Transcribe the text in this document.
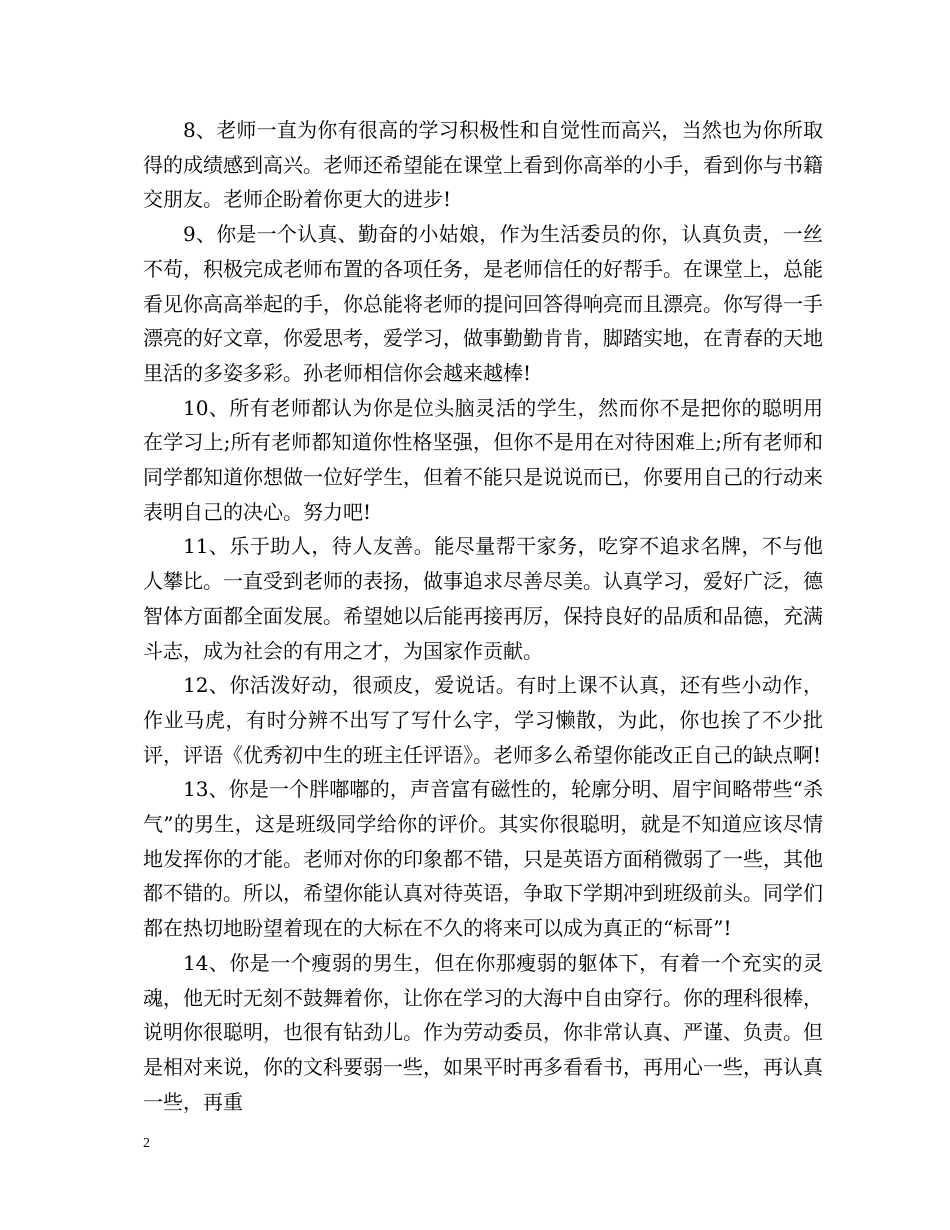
8、老师一直为你有很高的学习积极性和自觉性而高兴，当然也为你所取得的成绩感到高兴。老师还希望能在课堂上看到你高举的小手，看到你与书籍交朋友。老师企盼着你更大的进步!

9、你是一个认真、勤奋的小姑娘，作为生活委员的你，认真负责，一丝不苟，积极完成老师布置的各项任务，是老师信任的好帮手。在课堂上，总能看见你高高举起的手，你总能将老师的提问回答得响亮而且漂亮。你写得一手漂亮的好文章，你爱思考，爱学习，做事勤勤肯肯，脚踏实地，在青春的天地里活的多姿多彩。孙老师相信你会越来越棒!

10、所有老师都认为你是位头脑灵活的学生，然而你不是把你的聪明用在学习上;所有老师都知道你性格坚强，但你不是用在对待困难上;所有老师和同学都知道你想做一位好学生，但着不能只是说说而已，你要用自己的行动来表明自己的决心。努力吧!

11、乐于助人，待人友善。能尽量帮干家务，吃穿不追求名牌，不与他人攀比。一直受到老师的表扬，做事追求尽善尽美。认真学习，爱好广泛，德智体方面都全面发展。希望她以后能再接再厉，保持良好的品质和品德，充满斗志，成为社会的有用之才，为国家作贡献。

12、你活泼好动，很顽皮，爱说话。有时上课不认真，还有些小动作，作业马虎，有时分辨不出写了写什么字，学习懒散，为此，你也挨了不少批评，评语《优秀初中生的班主任评语》。老师多么希望你能改正自己的缺点啊!

13、你是一个胖嘟嘟的，声音富有磁性的，轮廓分明、眉宇间略带些“杀气”的男生，这是班级同学给你的评价。其实你很聪明，就是不知道应该尽情地发挥你的才能。老师对你的印象都不错，只是英语方面稍微弱了一些，其他都不错的。所以，希望你能认真对待英语，争取下学期冲到班级前头。同学们都在热切地盼望着现在的大标在不久的将来可以成为真正的“标哥”!

14、你是一个瘦弱的男生，但在你那瘦弱的躯体下，有着一个充实的灵魂，他无时无刻不鼓舞着你，让你在学习的大海中自由穿行。你的理科很棒，说明你很聪明，也很有钻劲儿。作为劳动委员，你非常认真、严谨、负责。但是相对来说，你的文科要弱一些，如果平时再多看看书，再用心一些，再认真一些，再重

2
